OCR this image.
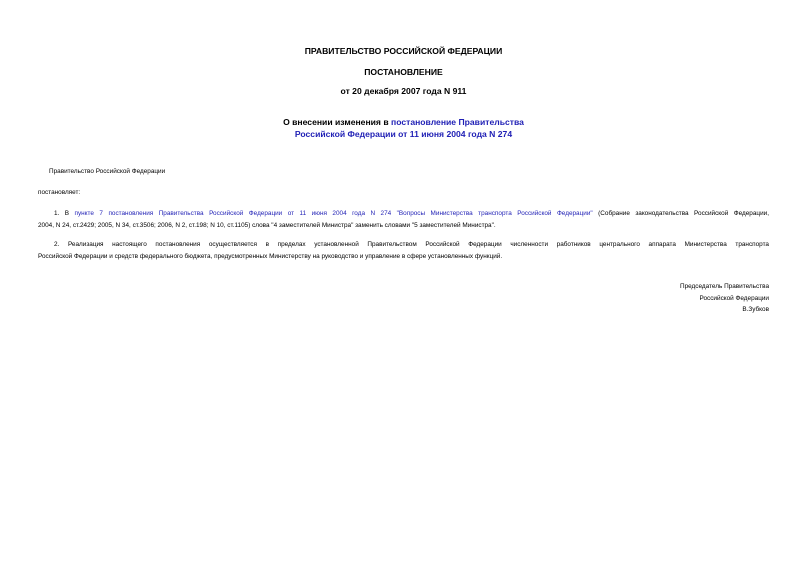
ПРАВИТЕЛЬСТВО РОССИЙСКОЙ ФЕДЕРАЦИИ
ПОСТАНОВЛЕНИЕ
от 20 декабря 2007 года N 911
О внесении изменения в постановление Правительства
Российской Федерации от 11 июня 2004 года N 274
Правительство Российской Федерации
постановляет:
   1. В пункте 7 постановления Правительства Российской Федерации от 11 июня 2004 года N 274 "Вопросы Министерства транспорта Российской Федерации" (Собрание законодательства Российской Федерации,
2004, N 24, ст.2429; 2005, N 34, ст.3506; 2006, N 2, ст.198; N 10, ст.1105) слова "4 заместителей Министра" заменить словами "5 заместителей Министра".
   2. Реализация настоящего постановления осуществляется в пределах установленной Правительством Российской Федерации численности работников центрального аппарата Министерства транспорта
Российской Федерации и средств федерального бюджета, предусмотренных Министерству на руководство и управление в сфере установленных функций.
Председатель Правительства
Российской Федерации
В.Зубков
